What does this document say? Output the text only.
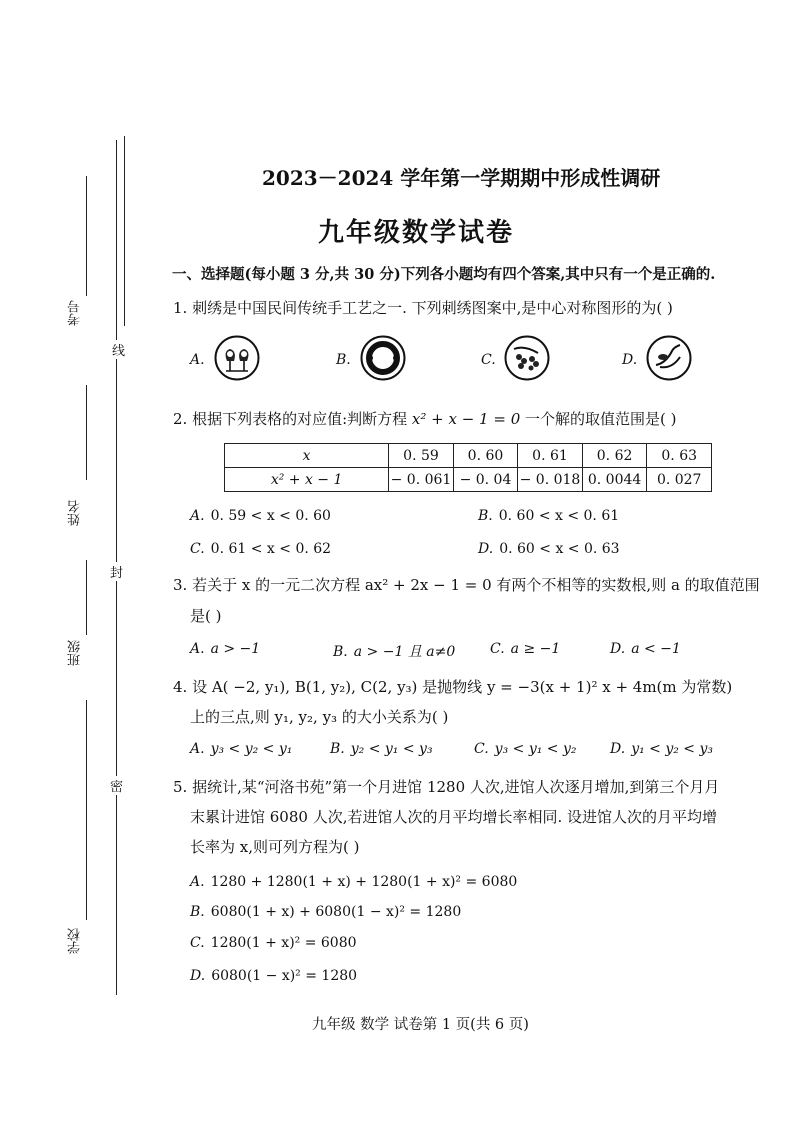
考号
姓名
班级
学校
线
封
密
2023－2024 学年第一学期期中形成性调研
九年级数学试卷
一、选择题(每小题 3 分,共 30 分)下列各小题均有四个答案,其中只有一个是正确的.
1. 刺绣是中国民间传统手工艺之一. 下列刺绣图案中,是中心对称图形的为( )
A.	B.	C.	D.
2. 根据下列表格的对应值:判断方程 x² + x − 1 = 0 一个解的取值范围是( )
x	0. 59	0. 60	0. 61	0. 62	0. 63
x² + x − 1	− 0. 061	− 0. 04	− 0. 018	0. 0044	0. 027
A. 0. 59 < x < 0. 60	B. 0. 60 < x < 0. 61
C. 0. 61 < x < 0. 62	D. 0. 60 < x < 0. 63
3. 若关于 x 的一元二次方程 ax² + 2x − 1 = 0 有两个不相等的实数根,则 a 的取值范围
是( )
A. a > −1	B. a > −1 且 a≠0 C. a ≥ −1	D. a < −1
4. 设 A( −2, y₁), B(1, y₂), C(2, y₃) 是抛物线 y = −3(x + 1)² x + 4m(m 为常数)
上的三点,则 y₁, y₂, y₃ 的大小关系为( )
A. y₃ < y₂ < y₁	B. y₂ < y₁ < y₃	C. y₃ < y₁ < y₂ D. y₁ < y₂ < y₃
5. 据统计,某“河洛书苑”第一个月进馆 1280 人次,进馆人次逐月增加,到第三个月月
末累计进馆 6080 人次,若进馆人次的月平均增长率相同. 设进馆人次的月平均增
长率为 x,则可列方程为( )
A. 1280 + 1280(1 + x) + 1280(1 + x)² = 6080
B. 6080(1 + x) + 6080(1 − x)² = 1280
C. 1280(1 + x)² = 6080
D. 6080(1 − x)² = 1280
九年级 数学 试卷第 1 页(共 6 页)
